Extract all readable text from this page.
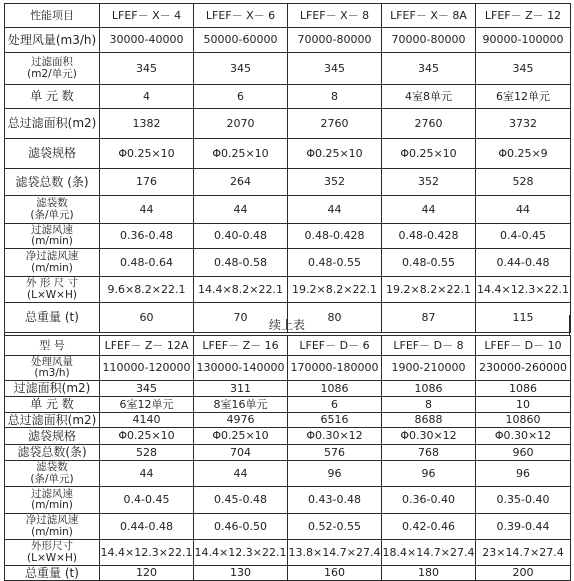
性能项目	LFEF－ X－ 4	LFEF－ X－ 6	LFEF－ X－ 8	LFEF－ X－ 8A	LFEF－ Z－ 12
处理风量(m3/h)	30000-40000	50000-60000	70000-80000	70000-80000	90000-100000
过滤面积
(m2/单元)	345	345	345	345	345
单 元 数	4	6	8	4室8单元	6室12单元
总过滤面积(m2)	1382	2070	2760	2760	3732
滤袋规格	Φ0.25×10	Φ0.25×10	Φ0.25×10	Φ0.25×10	Φ0.25×9
滤袋总数 (条)	176	264	352	352	528
滤袋数
(条/单元)	44	44	44	44	44
过滤风速
(m/min)	0.36-0.48	0.40-0.48	0.48-0.428	0.48-0.428	0.4-0.45
净过滤风速
(m/min)	0.48-0.64	0.48-0.58	0.48-0.55	0.48-0.55	0.44-0.48
外 形 尺 寸
(L×W×H)	9.6×8.2×22.1	14.4×8.2×22.1	19.2×8.2×22.1	19.2×8.2×22.1	14.4×12.3×22.1
总重量 (t)	60	70	80	87	115
续上表
型 号	LFEF－ Z－ 12A	LFEF－ Z－ 16	LFEF－ D－ 6	LFEF－ D－ 8	LFEF－ D－ 10
处理风量
(m3/h)	110000-120000	130000-140000	170000-180000	1900-210000	230000-260000
过滤面积(m2)	345	311	1086	1086	1086
单 元 数	6室12单元	8室16单元	6	8	10
总过滤面积(m2)	4140	4976	6516	8688	10860
滤袋规格	Φ0.25×10	Φ0.25×10	Φ0.30×12	Φ0.30×12	Φ0.30×12
滤袋总数(条)	528	704	576	768	960
滤袋数
(条/单元)	44	44	96	96	96
过滤风速
(m/min)	0.4-0.45	0.45-0.48	0.43-0.48	0.36-0.40	0.35-0.40
净过滤风速
(m/min)	0.44-0.48	0.46-0.50	0.52-0.55	0.42-0.46	0.39-0.44
外形尺寸
(L×W×H)	14.4×12.3×22.1	14.4×12.3×22.1	13.8×14.7×27.4	18.4×14.7×27.4	23×14.7×27.4
总重量 (t)	120	130	160	180	200
